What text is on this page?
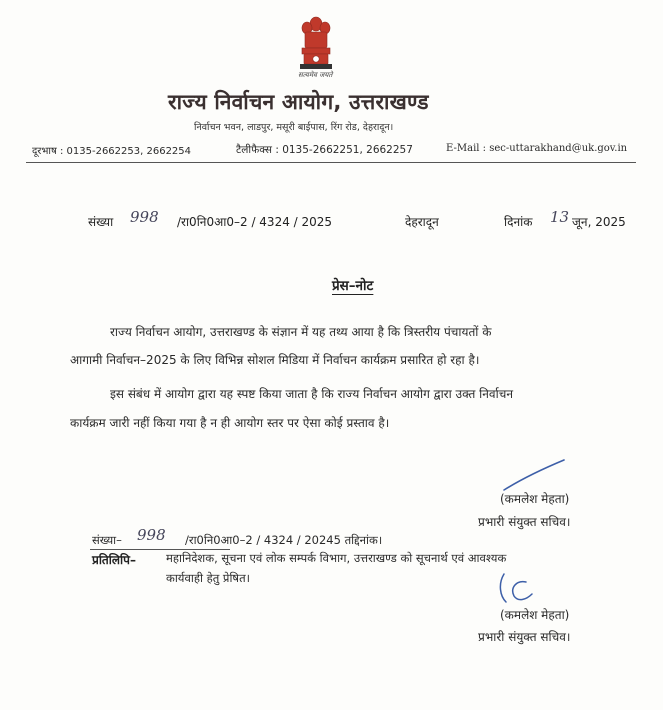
सत्यमेव जयते
राज्य निर्वाचन आयोग, उत्तराखण्ड
निर्वाचन भवन, लाडपुर, मसूरी बाईपास, रिंग रोड, देहरादून।
दूरभाष : 0135-2662253, 2662254	टैलीफैक्स : 0135-2662251, 2662257	E-Mail : sec-uttarakhand@uk.gov.in
संख्या 998 /रा0नि0आ0–2 / 4324 / 2025	देहरादून	दिनांक 13 जून, 2025
प्रेस–नोट
राज्य निर्वाचन आयोग, उत्तराखण्ड के संज्ञान में यह तथ्य आया है कि त्रिस्तरीय पंचायतों के
आगामी निर्वाचन–2025 के लिए विभिन्न सोशल मिडिया में निर्वाचन कार्यक्रम प्रसारित हो रहा है।
इस संबंध में आयोग द्वारा यह स्पष्ट किया जाता है कि राज्य निर्वाचन आयोग द्वारा उक्त निर्वाचन
कार्यक्रम जारी नहीं किया गया है न ही आयोग स्तर पर ऐसा कोई प्रस्ताव है।
(कमलेश मेहता)
प्रभारी संयुक्त सचिव।
संख्या– 998 /रा0नि0आ0–2 / 4324 / 20245 तद्दिनांक।
प्रतिलिपि–	महानिदेशक, सूचना एवं लोक सम्पर्क विभाग, उत्तराखण्ड को सूचनार्थ एवं आवश्यक
कार्यवाही हेतु प्रेषित।
(कमलेश मेहता)
प्रभारी संयुक्त सचिव।
